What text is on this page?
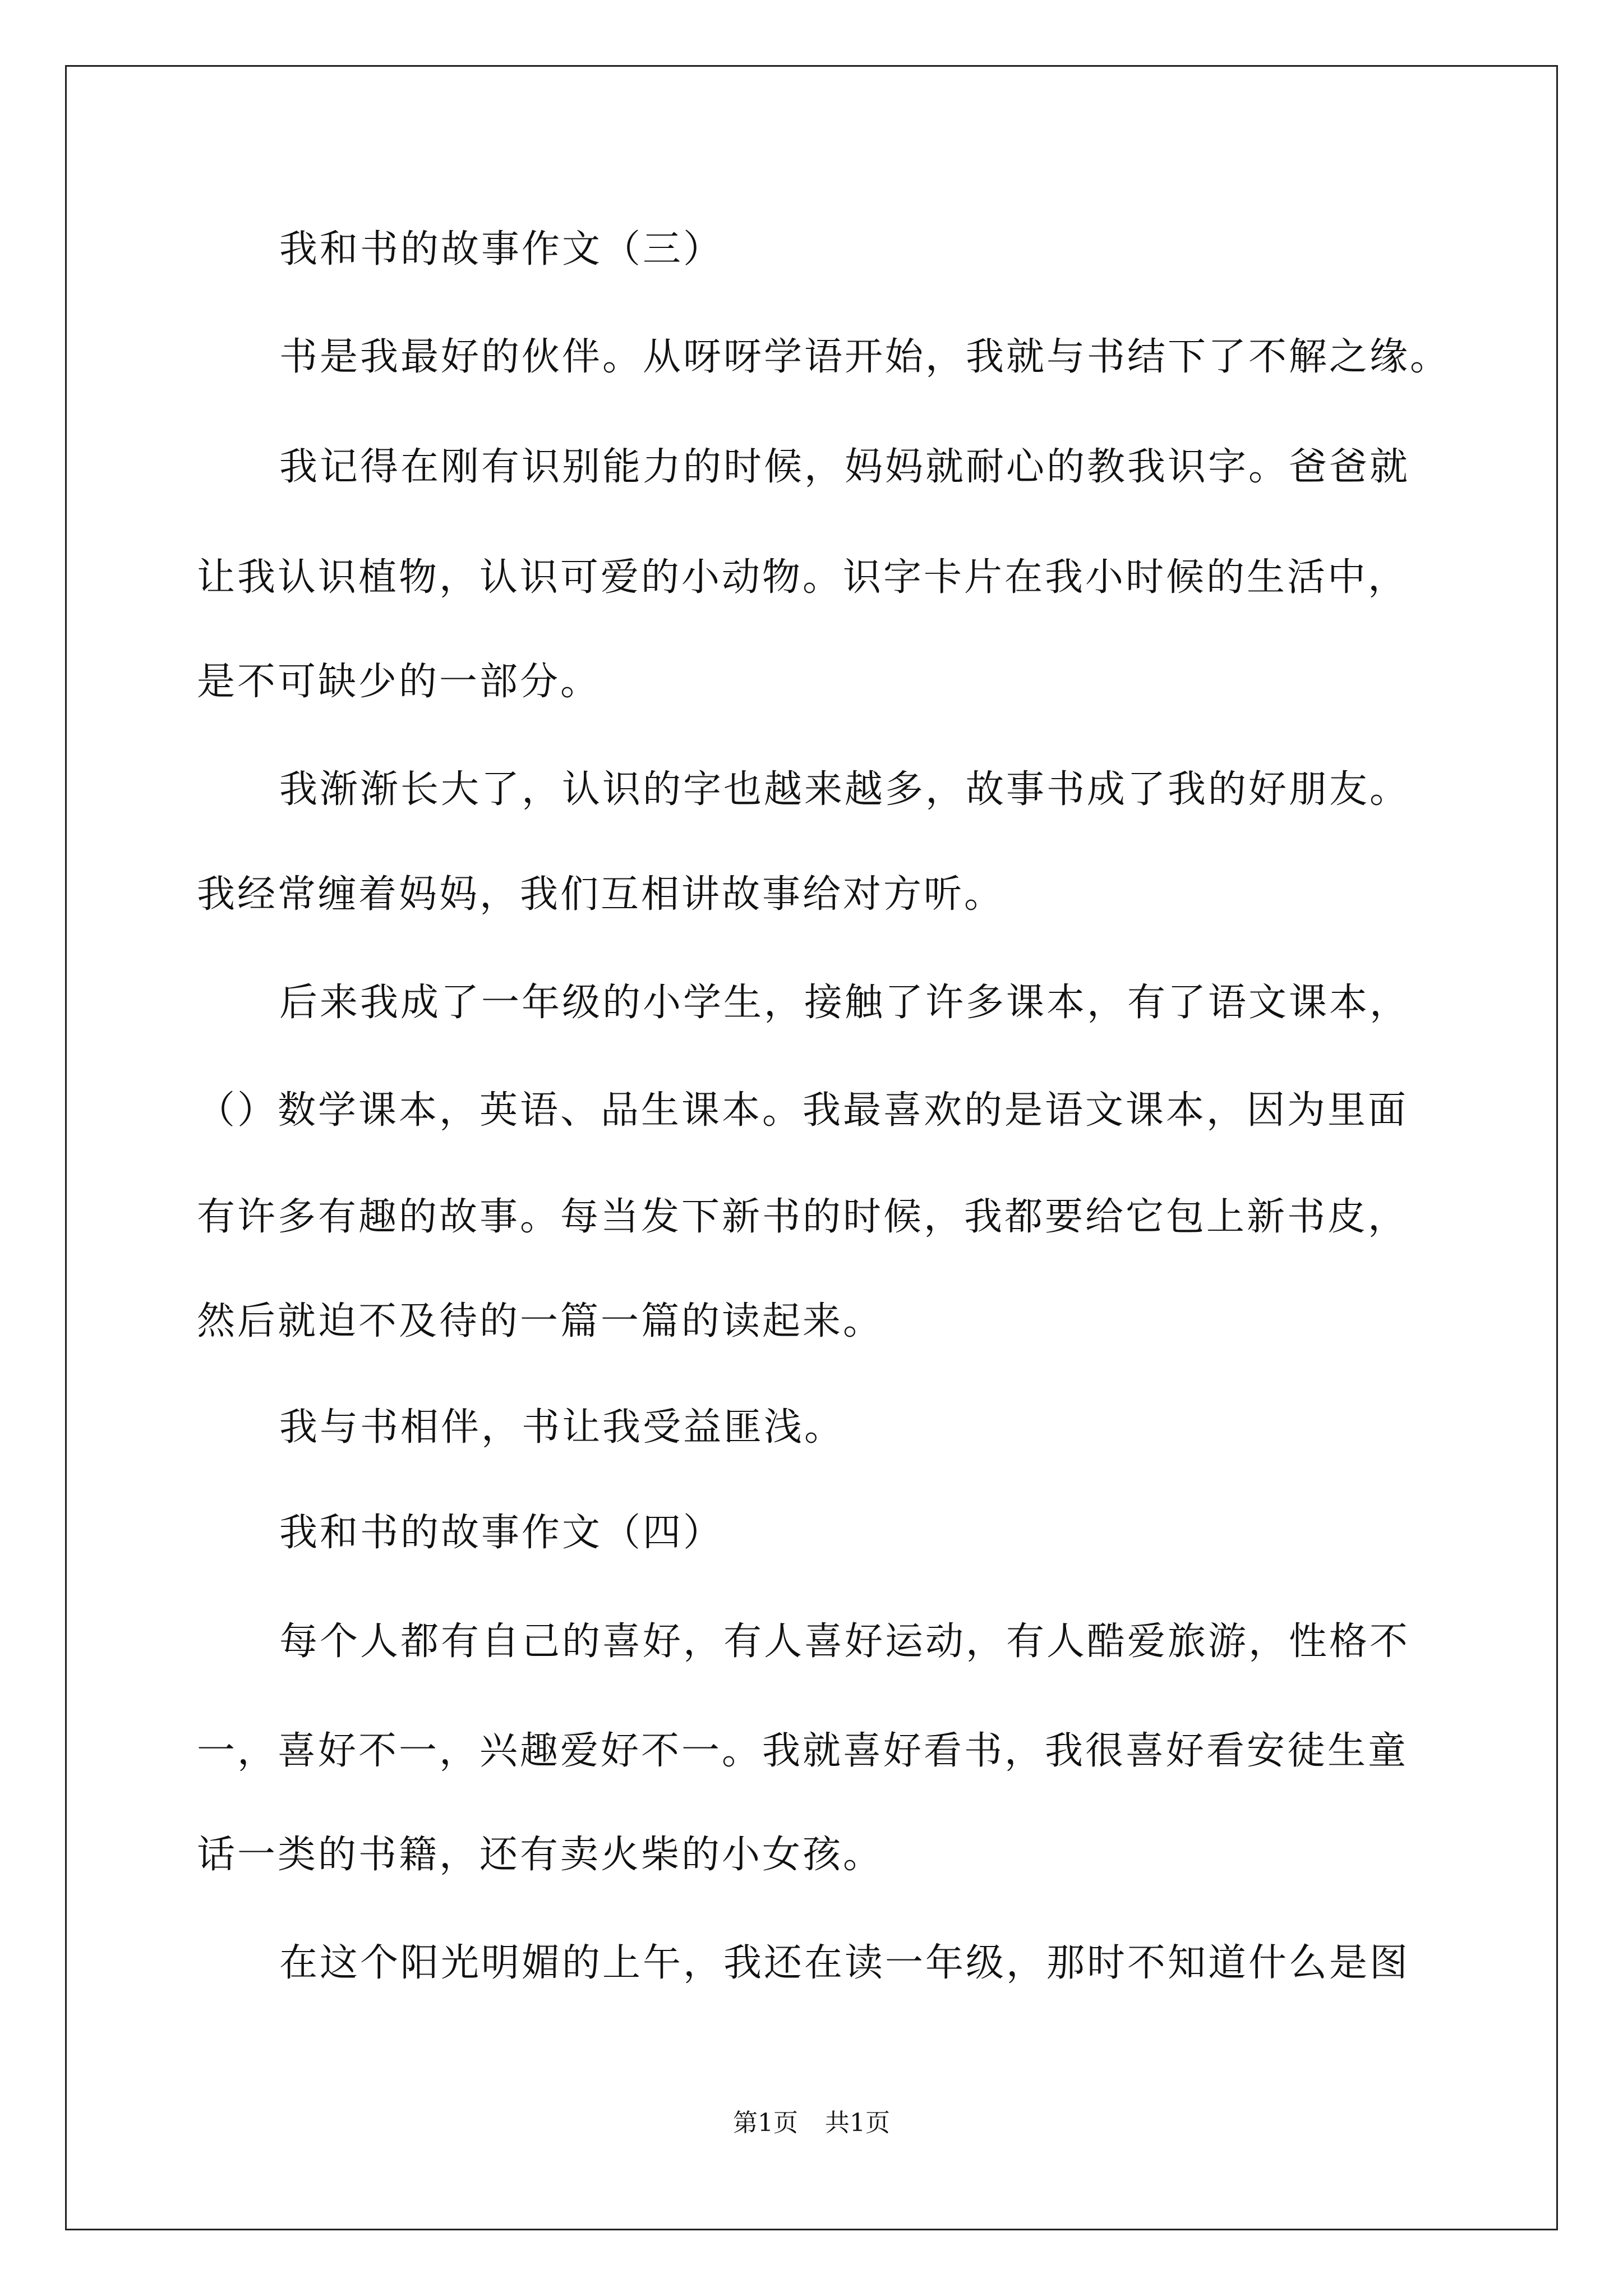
我和书的故事作文（三）
书是我最好的伙伴。从呀呀学语开始，我就与书结下了不解之缘。
我记得在刚有识别能力的时候，妈妈就耐心的教我识字。爸爸就
让我认识植物，认识可爱的小动物。识字卡片在我小时候的生活中，
是不可缺少的一部分。
我渐渐长大了，认识的字也越来越多，故事书成了我的好朋友。
我经常缠着妈妈，我们互相讲故事给对方听。
后来我成了一年级的小学生，接触了许多课本，有了语文课本，
（）数学课本，英语、品生课本。我最喜欢的是语文课本，因为里面
有许多有趣的故事。每当发下新书的时候，我都要给它包上新书皮，
然后就迫不及待的一篇一篇的读起来。
我与书相伴，书让我受益匪浅。
我和书的故事作文（四）
每个人都有自己的喜好，有人喜好运动，有人酷爱旅游，性格不
一，喜好不一，兴趣爱好不一。我就喜好看书，我很喜好看安徒生童
话一类的书籍，还有卖火柴的小女孩。
在这个阳光明媚的上午，我还在读一年级，那时不知道什么是图
第1页 共1页
